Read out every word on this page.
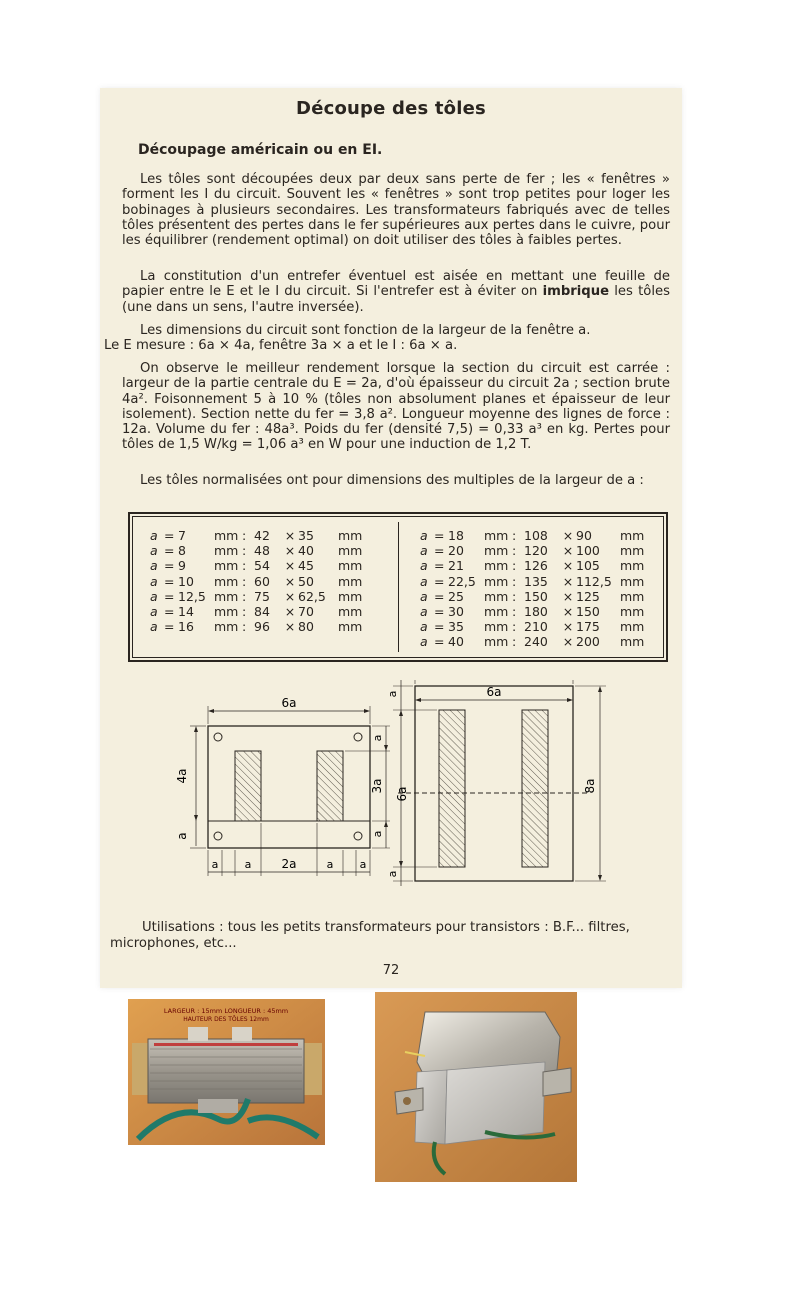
Découpe des tôles
Découpage américain ou en EI.
Les tôles sont découpées deux par deux sans perte de fer ; les « fenêtres » forment les I du circuit. Souvent les « fenêtres » sont trop petites pour loger les bobinages à plusieurs secondaires. Les transformateurs fabriqués avec de telles tôles présentent des pertes dans le fer supérieures aux pertes dans le cuivre, pour les équilibrer (rendement optimal) on doit utiliser des tôles à faibles pertes.
La constitution d'un entrefer éventuel est aisée en mettant une feuille de papier entre le E et le I du circuit. Si l'entrefer est à éviter on imbrique les tôles (une dans un sens, l'autre inversée).
Les dimensions du circuit sont fonction de la largeur de la fenêtre a.
Le E mesure : 6a × 4a, fenêtre 3a × a et le I : 6a × a.
On observe le meilleur rendement lorsque la section du circuit est carrée : largeur de la partie centrale du E = 2a, d'où épaisseur du circuit 2a ; section brute 4a². Foisonnement 5 à 10 % (tôles non absolument planes et épaisseur de leur isolement). Section nette du fer = 3,8 a². Longueur moyenne des lignes de force : 12a. Volume du fer : 48a³. Poids du fer (densité 7,5) = 0,33 a³ en kg. Pertes pour tôles de 1,5 W/kg = 1,06 a³ en W pour une induction de 1,2 T.
Les tôles normalisées ont pour dimensions des multiples de la largeur de a :
a = 7 mm : 42 × 35 mm
a = 8 mm : 48 × 40 mm
a = 9 mm : 54 × 45 mm
a = 10 mm : 60 × 50 mm
a = 12,5 mm : 75 × 62,5 mm
a = 14 mm : 84 × 70 mm
a = 16 mm : 96 × 80 mm
a = 18 mm : 108 × 90 mm
a = 20 mm : 120 × 100 mm
a = 21 mm : 126 × 105 mm
a = 22,5 mm : 135 × 112,5 mm
a = 25 mm : 150 × 125 mm
a = 30 mm : 180 × 150 mm
a = 35 mm : 210 × 175 mm
a = 40 mm : 240 × 200 mm
6a
4a
a
a
3a
a
a a	2a	a a
6a
a
6a
a
8a
Utilisations : tous les petits transformateurs pour transistors : B.F... filtres,
microphones, etc...
72
LARGEUR : 15mm LONGUEUR : 45mm
HAUTEUR DES TÔLES 12mm
